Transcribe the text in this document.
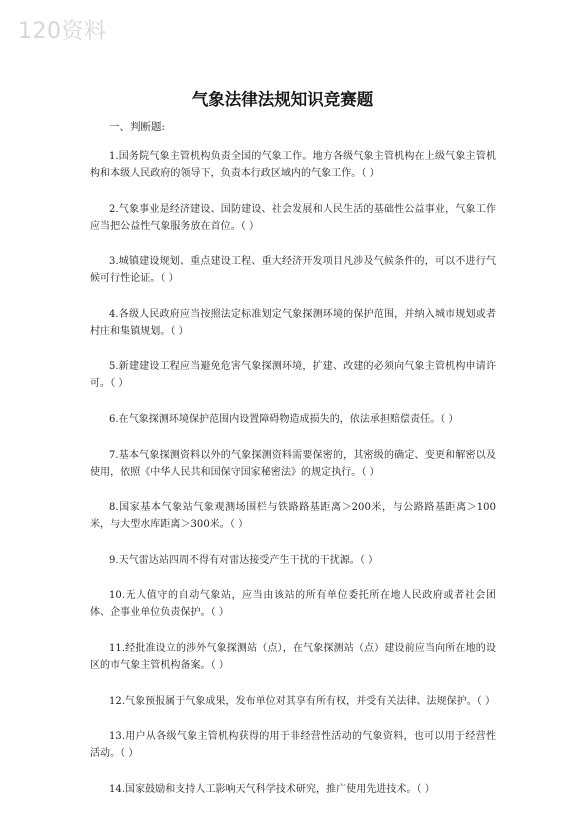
120资料
气象法律法规知识竞赛题
一、判断题:

1.国务院气象主管机构负责全国的气象工作。地方各级气象主管机构在上级气象主管机构和本级人民政府的领导下，负责本行政区域内的气象工作。（ ）

2.气象事业是经济建设、国防建设、社会发展和人民生活的基础性公益事业，气象工作应当把公益性气象服务放在首位。（ ）

3.城镇建设规划、重点建设工程、重大经济开发项目凡涉及气候条件的，可以不进行气候可行性论证。（ ）

4.各级人民政府应当按照法定标准划定气象探测环境的保护范围，并纳入城市规划或者村庄和集镇规划。（ ）

5.新建建设工程应当避免危害气象探测环境，扩建、改建的必须向气象主管机构申请许可。（ ）

6.在气象探测环境保护范围内设置障碍物造成损失的，依法承担赔偿责任。（ ）

7.基本气象探测资料以外的气象探测资料需要保密的，其密级的确定、变更和解密以及使用，依照《中华人民共和国保守国家秘密法》的规定执行。（ ）

8.国家基本气象站气象观测场围栏与铁路路基距离＞200米，与公路路基距离＞100米，与大型水库距离＞300米。（ ）

9.天气雷达站四周不得有对雷达接受产生干扰的干扰源。（ ）

10.无人值守的自动气象站，应当由该站的所有单位委托所在地人民政府或者社会团体、企事业单位负责保护。（ ）

11.经批准设立的涉外气象探测站（点），在气象探测站（点）建设前应当向所在地的设区的市气象主管机构备案。（ ）

12.气象预报属于气象成果，发布单位对其享有所有权，并受有关法律、法规保护。（ ）

13.用户从各级气象主管机构获得的用于非经营性活动的气象资料，也可以用于经营性活动。（ ）

14.国家鼓励和支持人工影响天气科学技术研究，推广使用先进技术。（ ）
